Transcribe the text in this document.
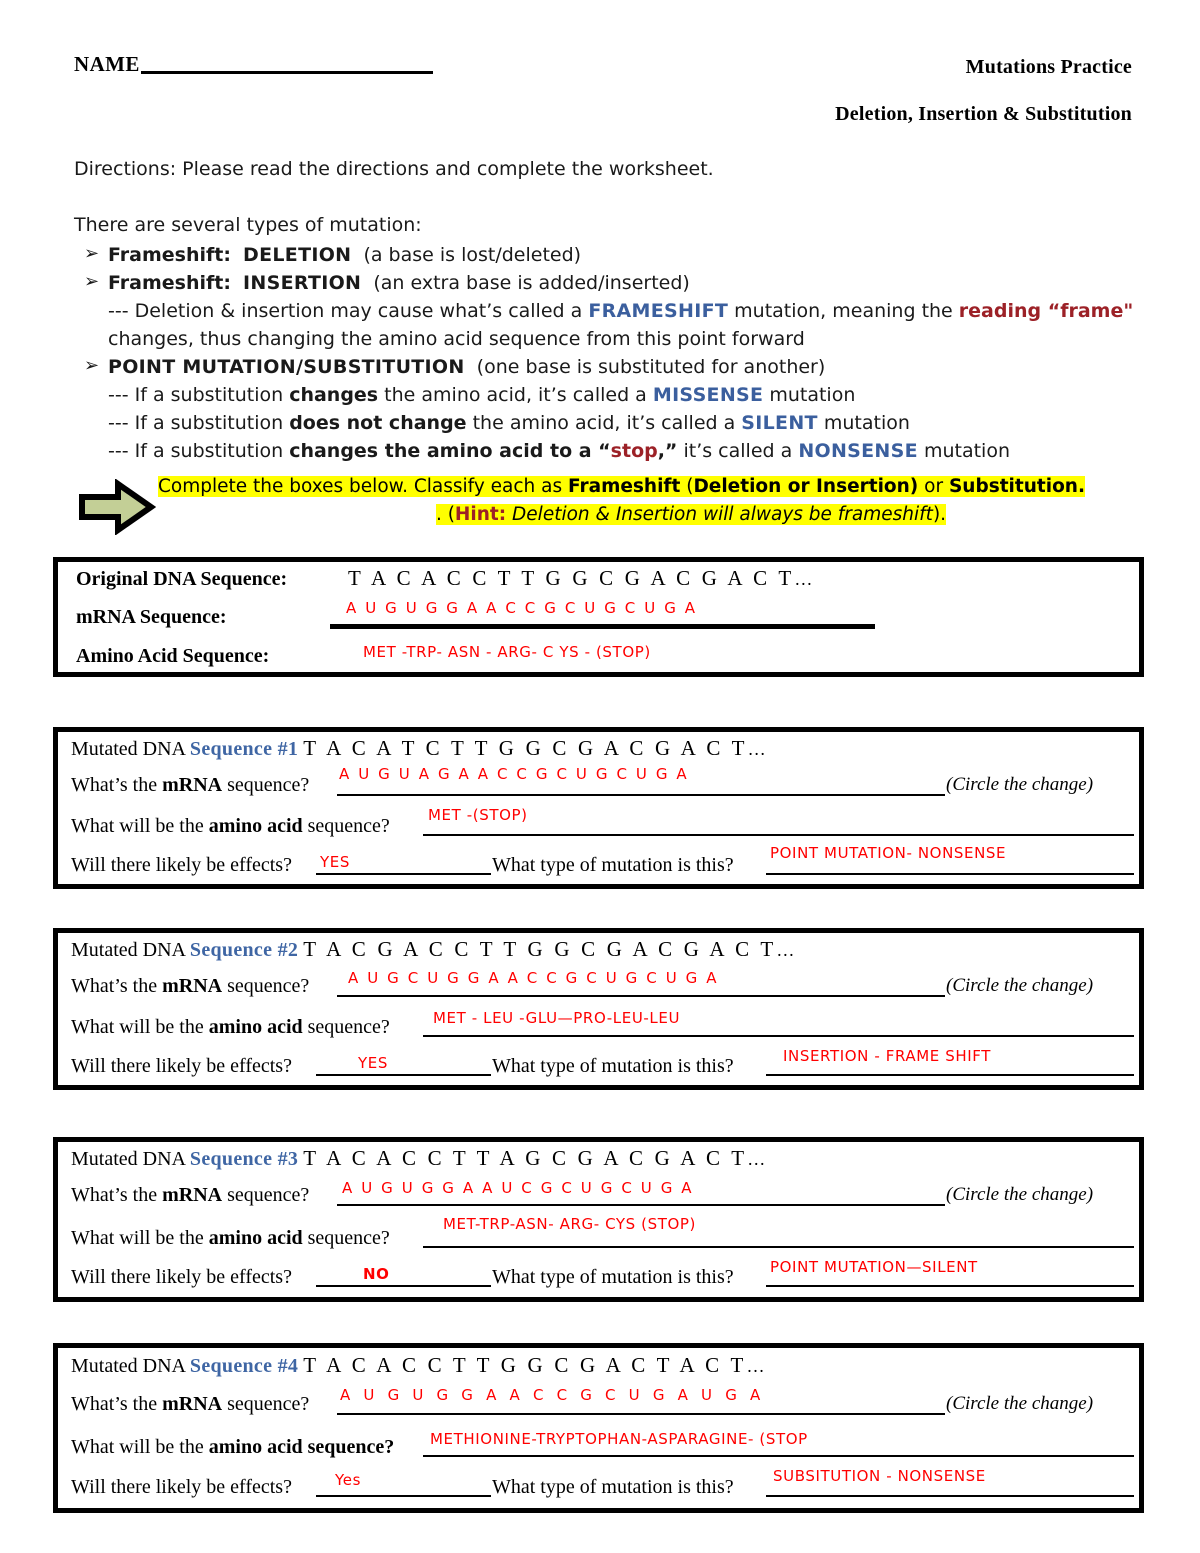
NAME	Mutations Practice
Deletion, Insertion & Substitution

Directions: Please read the directions and complete the worksheet.

There are several types of mutation:

➢ Frameshift: DELETION (a base is lost/deleted)
➢ Frameshift: INSERTION (an extra base is added/inserted)
--- Deletion & insertion may cause what’s called a FRAMESHIFT mutation, meaning the reading “frame"
changes, thus changing the amino acid sequence from this point forward
➢ POINT MUTATION/SUBSTITUTION (one base is substituted for another)
--- If a substitution changes the amino acid, it’s called a MISSENSE mutation
--- If a substitution does not change the amino acid, it’s called a SILENT mutation
--- If a substitution changes the amino acid to a “stop,” it’s called a NONSENSE mutation
Complete the boxes below. Classify each as Frameshift (Deletion or Insertion) or Substitution.
. (Hint: Deletion & Insertion will always be frameshift).
Original DNA Sequence:	T A C A C C T T G G C G A C G A C T…
mRNA Sequence:	A U G U G G A A C C G C U G C U G A
Amino Acid Sequence:	MET -TRP- ASN - ARG- C YS - (STOP)
Mutated DNA Sequence #1 T A C A T C T T G G C G A C G A C T…
What’s the mRNA sequence? A U G U A G A A C C G C U G C U G A	(Circle the change)
What will be the amino acid sequence?	MET -(STOP)
Will there likely be effects? YES	What type of mutation is this?
POINT MUTATION- NONSENSE
Mutated DNA Sequence #2 T A C G A C C T T G G C G A C G A C T…
What’s the mRNA sequence?	A U G C U G G A A C C G C U G C U G A	(Circle the change)
What will be the amino acid sequence?	MET - LEU -GLU—PRO-LEU-LEU
Will there likely be effects?	YES	What type of mutation is this?	INSERTION - FRAME SHIFT
Mutated DNA Sequence #3 T A C A C C T T A G C G A C G A C T…
What’s the mRNA sequence? A U G U G G A A U C G C U G C U G A	(Circle the change)
What will be the amino acid sequence?
MET-TRP-ASN- ARG- CYS (STOP)
Will there likely be effects?	NO	What type of mutation is this? POINT MUTATION—SILENT
Mutated DNA Sequence #4 T A C A C C T T G G C G A C T A C T…
What’s the mRNA sequence? A U G U G G A A C C G C U G A U G A	(Circle the change)
What will be the amino acid sequence? METHIONINE-TRYPTOPHAN-ASPARAGINE- (STOP
Will there likely be effects?	Yes	What type of mutation is this?	SUBSITUTION - NONSENSE
